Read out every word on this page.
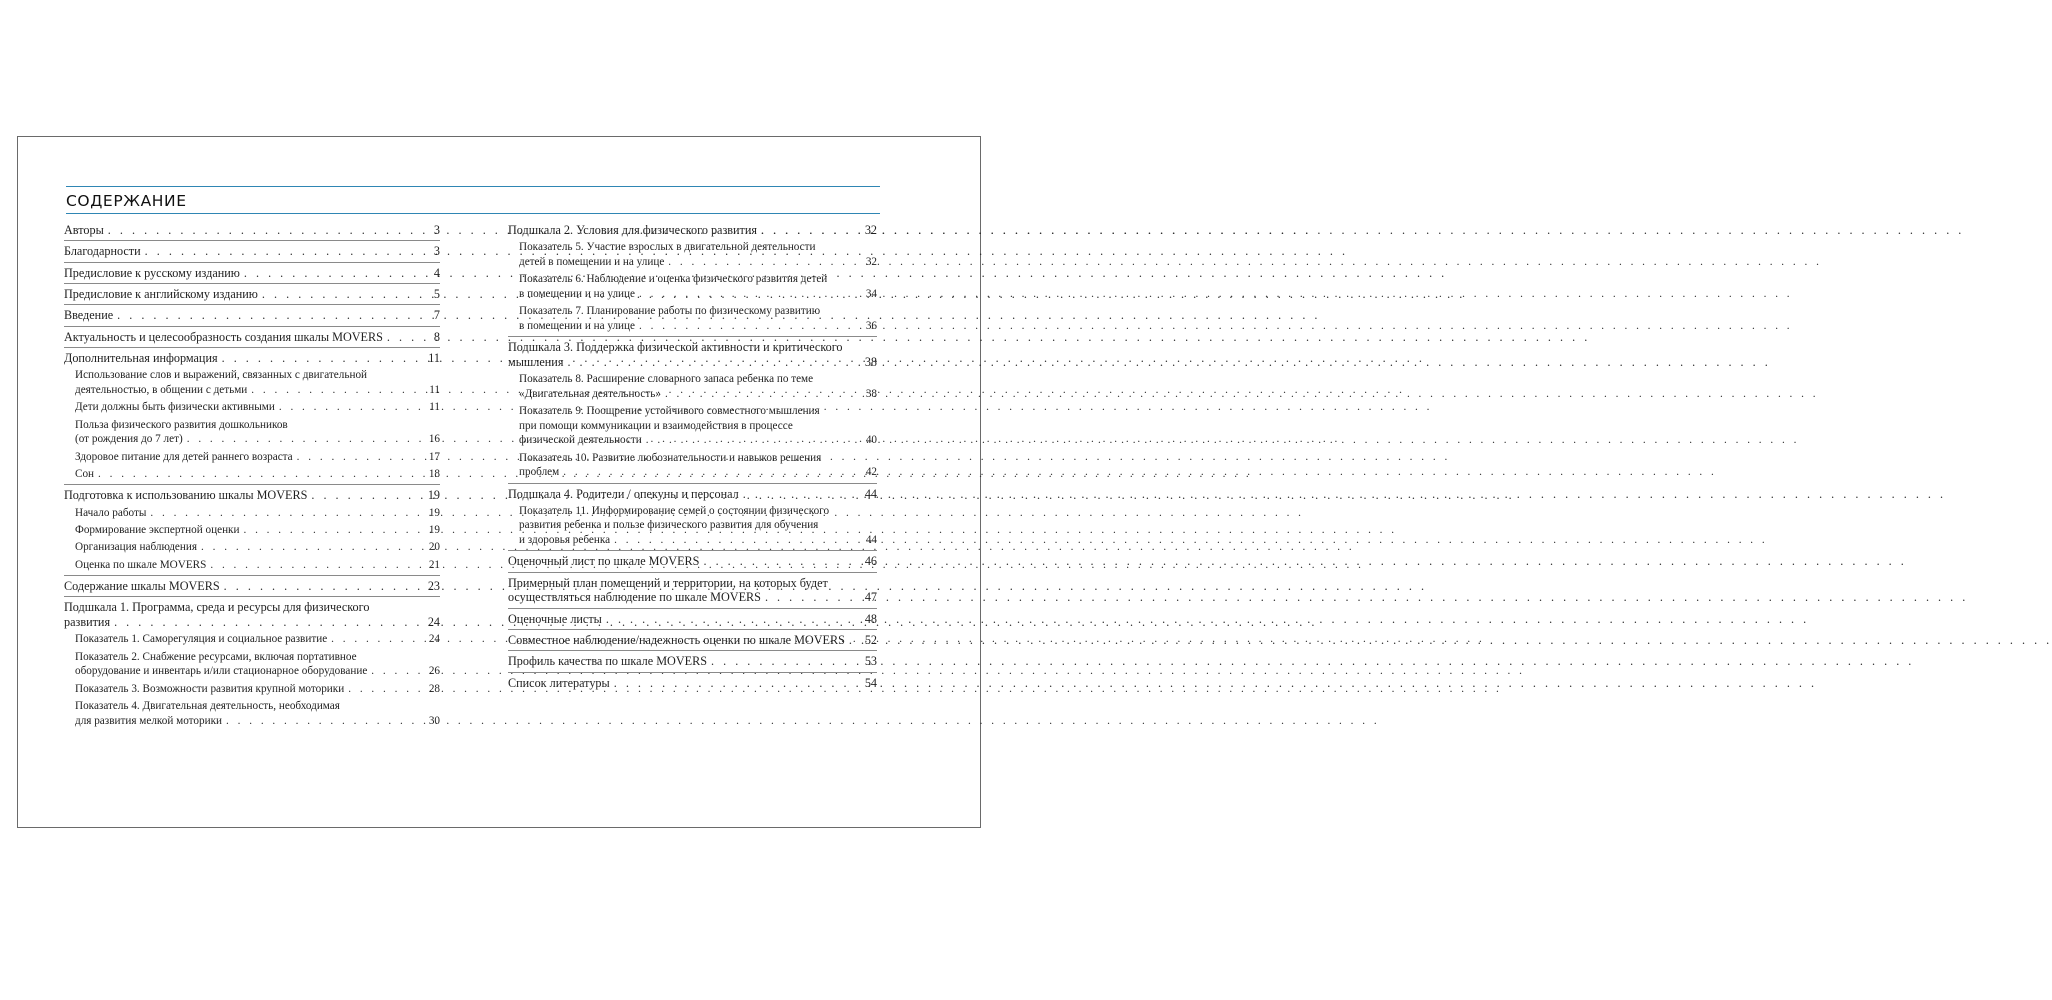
СОДЕРЖАНИЕ
Авторы . . .	3
Благодарности . . .	3
Предисловие к русскому изданию . . .	4
Предисловие к английскому изданию . . .	5
Введение . . .	7
Актуальность и целесообразность создания шкалы MOVERS . . .	8
Дополнительная информация . . .	11
Использование слов и выражений, связанных с двигательной
деятельностью, в общении с детьми . . .	11
Дети должны быть физически активными . . .	11
Польза физического развития дошкольников
(от рождения до 7 лет) . . .	16
Здоровое питание для детей раннего возраста . . .	17
Сон . . .	18
Подготовка к использованию шкалы MOVERS . . .	19
Начало работы . . .	19
Формирование экспертной оценки . . .	19
Организация наблюдения . . .	20
Оценка по шкале MOVERS . . .	21
Содержание шкалы MOVERS . . .	23
Подшкала 1. Программа, среда и ресурсы для физического
развития . . .	24
Показатель 1. Саморегуляция и социальное развитие . . .	24
Показатель 2. Снабжение ресурсами, включая портативное
оборудование и инвентарь и/или стационарное оборудование . . .	26
Показатель 3. Возможности развития крупной моторики . . .	28
Показатель 4. Двигательная деятельность, необходимая
для развития мелкой моторики . . .	30
Подшкала 2. Условия для физического развития . . .	32
Показатель 5. Участие взрослых в двигательной деятельности
детей в помещении и на улице . . .	32
Показатель 6. Наблюдение и оценка физического развития детей
в помещении и на улице . . .	34
Показатель 7. Планирование работы по физическому развитию
в помещении и на улице . . .	36
Подшкала 3. Поддержка физической активности и критического
мышления . . .	38
Показатель 8. Расширение словарного запаса ребенка по теме
«Двигательная деятельность» . . .	38
Показатель 9. Поощрение устойчивого совместного мышления
при помощи коммуникации и взаимодействия в процессе
физической деятельности . . .	40
Показатель 10. Развитие любознательности и навыков решения
проблем . . .	42
Подшкала 4. Родители / опекуны и персонал . . .	44
Показатель 11. Информирование семей о состоянии физического
развития ребенка и пользе физического развития для обучения
и здоровья ребенка . . .	44
Оценочный лист по шкале MOVERS . . .	46
Примерный план помещений и территории, на которых будет
осуществляться наблюдение по шкале MOVERS . . .	47
Оценочные листы . . .	48
Совместное наблюдение/надежность оценки по шкале MOVERS . . . 52
Профиль качества по шкале MOVERS . . .	53
Список литературы . . .	54
